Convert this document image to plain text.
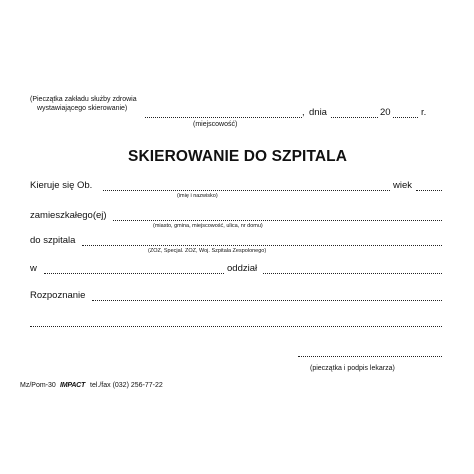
(Pieczątka zakładu służby zdrowia
wystawiającego skierowanie)	, dnia	20	r.
(miejscowość)
SKIEROWANIE DO SZPITALA
Kieruje się Ob.	wiek
(imię i nazwisko)
zamieszkałego(ej)
(miasto, gmina, miejscowość, ulica, nr domu)
do szpitala
(ZOZ, Specjal. ZOZ, Woj. Szpitala Zespolonego)
w	oddział
Rozpoznanie
(pieczątka i podpis lekarza)
Mz/Pom-30 IMPACT tel./fax (032) 256-77-22
